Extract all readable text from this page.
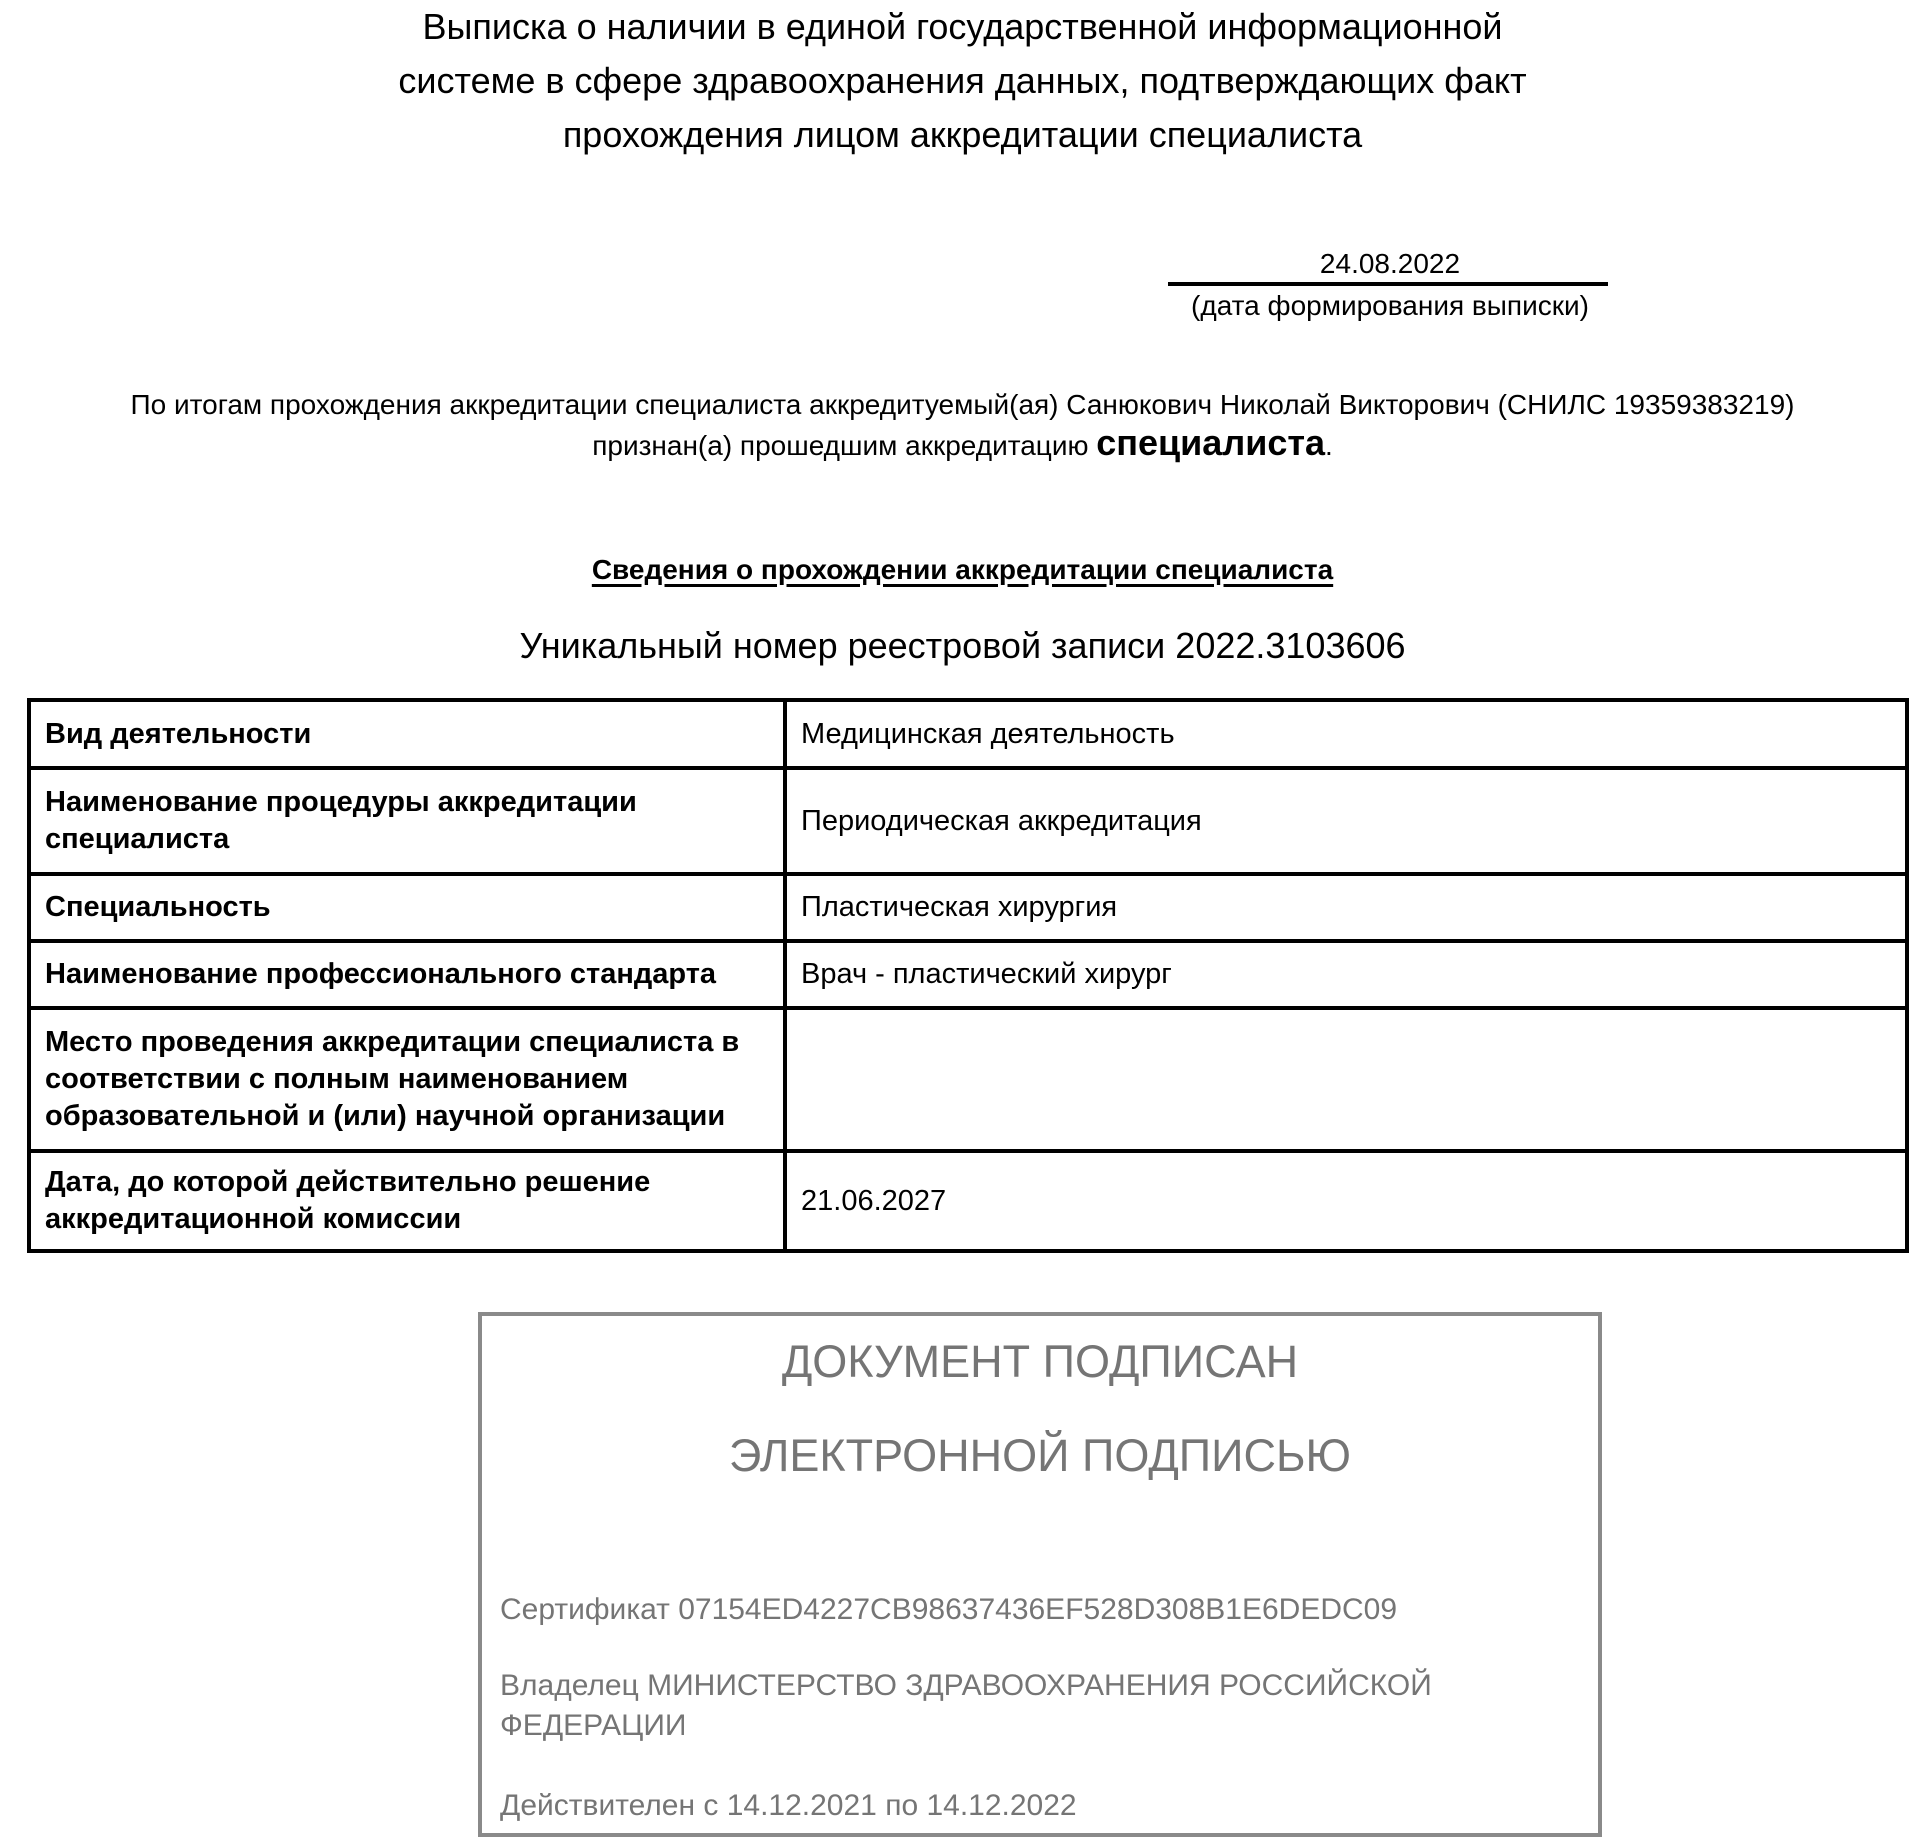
Выписка о наличии в единой государственной информационной
системе в сфере здравоохранения данных, подтверждающих факт
прохождения лицом аккредитации специалиста
24.08.2022
(дата формирования выписки)
По итогам прохождения аккредитации специалиста аккредитуемый(ая) Санюкович Николай Викторович (СНИЛС 19359383219)
признан(а) прошедшим аккредитацию специалиста.
Сведения о прохождении аккредитации специалиста
Уникальный номер реестровой записи 2022.3103606
Вид деятельности	Медицинская деятельность
Наименование процедуры аккредитации специалиста	Периодическая аккредитация
Специальность	Пластическая хирургия
Наименование профессионального стандарта	Врач - пластический хирург
Место проведения аккредитации специалиста в соответствии с полным наименованием образовательной и (или) научной организации	
Дата, до которой действительно решение аккредитационной комиссии	21.06.2027
ДОКУМЕНТ ПОДПИСАН
ЭЛЕКТРОННОЙ ПОДПИСЬЮ
Сертификат 07154ED4227CB98637436EF528D308B1E6DEDC09
Владелец МИНИСТЕРСТВО ЗДРАВООХРАНЕНИЯ РОССИЙСКОЙ ФЕДЕРАЦИИ
Действителен с 14.12.2021 по 14.12.2022
